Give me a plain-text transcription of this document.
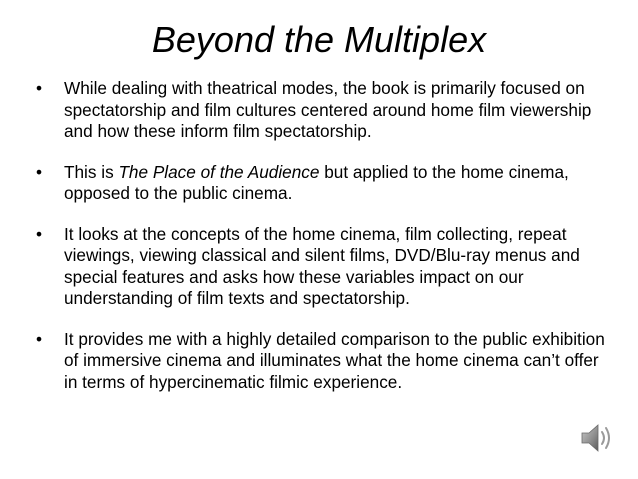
Beyond the Multiplex
•	While dealing with theatrical modes, the book is primarily focused on spectatorship and film cultures centered around home film viewership and how these inform film spectatorship.
•	This is The Place of the Audience but applied to the home cinema, opposed to the public cinema.
•	It looks at the concepts of the home cinema, film collecting, repeat viewings, viewing classical and silent films, DVD/Blu-ray menus and special features and asks how these variables impact on our understanding of film texts and spectatorship.
•	It provides me with a highly detailed comparison to the public exhibition of immersive cinema and illuminates what the home cinema can’t offer in terms of hypercinematic filmic experience.
